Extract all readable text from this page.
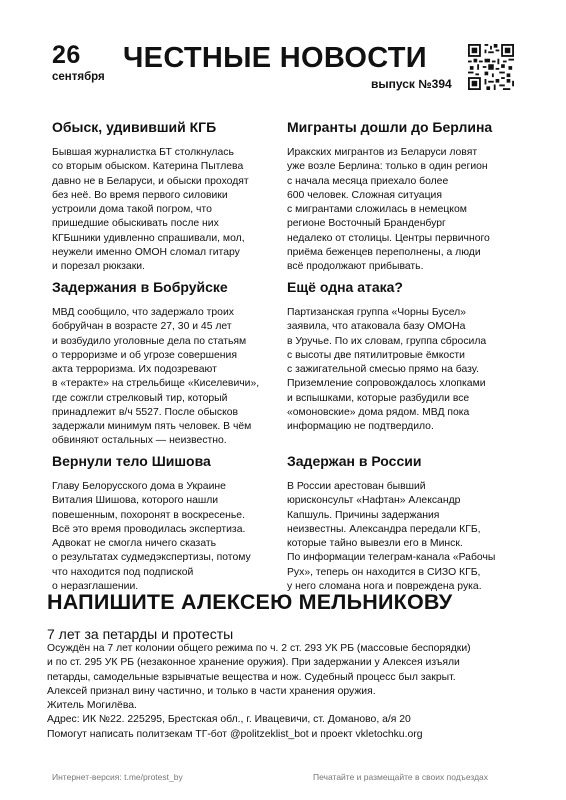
26
сентября
ЧЕСТНЫЕ НОВОСТИ
выпуск №394
Обыск, удививший КГБ
Бывшая журналистка БТ столкнулась
со вторым обыском. Катерина Пытлева
давно не в Беларуси, и обыски проходят
без неё. Во время первого силовики
устроили дома такой погром, что
пришедшие обыскивать после них
КГБшники удивленно спрашивали, мол,
неужели именно ОМОН сломал гитару
и порезал рюкзаки.
Задержания в Бобруйске
МВД сообщило, что задержало троих
бобруйчан в возрасте 27, 30 и 45 лет
и возбудило уголовные дела по статьям
о терроризме и об угрозе совершения
акта терроризма. Их подозревают
в «теракте» на стрельбище «Киселевичи»,
где сожгли стрелковый тир, который
принадлежит в/ч 5527. После обысков
задержали минимум пять человек. В чём
обвиняют остальных — неизвестно.
Вернули тело Шишова
Главу Белорусского дома в Украине
Виталия Шишова, которого нашли
повешенным, похоронят в воскресенье.
Всё это время проводилась экспертиза.
Адвокат не смогла ничего сказать
о результатах судмедэкспертизы, потому
что находится под подпиской
о неразглашении.
Мигранты дошли до Берлина
Иракских мигрантов из Беларуси ловят
уже возле Берлина: только в один регион
с начала месяца приехало более
600 человек. Сложная ситуация
с мигрантами сложилась в немецком
регионе Восточный Бранденбург
недалеко от столицы. Центры первичного
приёма беженцев переполнены, а люди
всё продолжают прибывать.
Ещё одна атака?
Партизанская группа «Чорны Бусел»
заявила, что атаковала базу ОМОНа
в Уручье. По их словам, группа сбросила
с высоты две пятилитровые ёмкости
с зажигательной смесью прямо на базу.
Приземление сопровождалось хлопками
и вспышками, которые разбудили все
«омоновские» дома рядом. МВД пока
информацию не подтвердило.
Задержан в России
В России арестован бывший
юрисконсульт «Нафтан» Александр
Капшуль. Причины задержания
неизвестны. Александра передали КГБ,
которые тайно вывезли его в Минск.
По информации телеграм-канала «Рабочы
Рух», теперь он находится в СИЗО КГБ,
у него сломана нога и повреждена рука.
НАПИШИТЕ АЛЕКСЕЮ МЕЛЬНИКОВУ
7 лет за петарды и протесты
Осуждён на 7 лет колонии общего режима по ч. 2 ст. 293 УК РБ (массовые беспорядки)
и по ст. 295 УК РБ (незаконное хранение оружия). При задержании у Алексея изъяли
петарды, самодельные взрывчатые вещества и нож. Судебный процесс был закрыт.
Алексей признал вину частично, и только в части хранения оружия.
Житель Могилёва.
Адрес: ИК №22. 225295, Брестская обл., г. Ивацевичи, ст. Доманово, а/я 20
Помогут написать политзекам ТГ-бот @politzeklist_bot и проект vkletochku.org
Интернет-версия: t.me/protest_by	Печатайте и размещайте в своих подъездах
